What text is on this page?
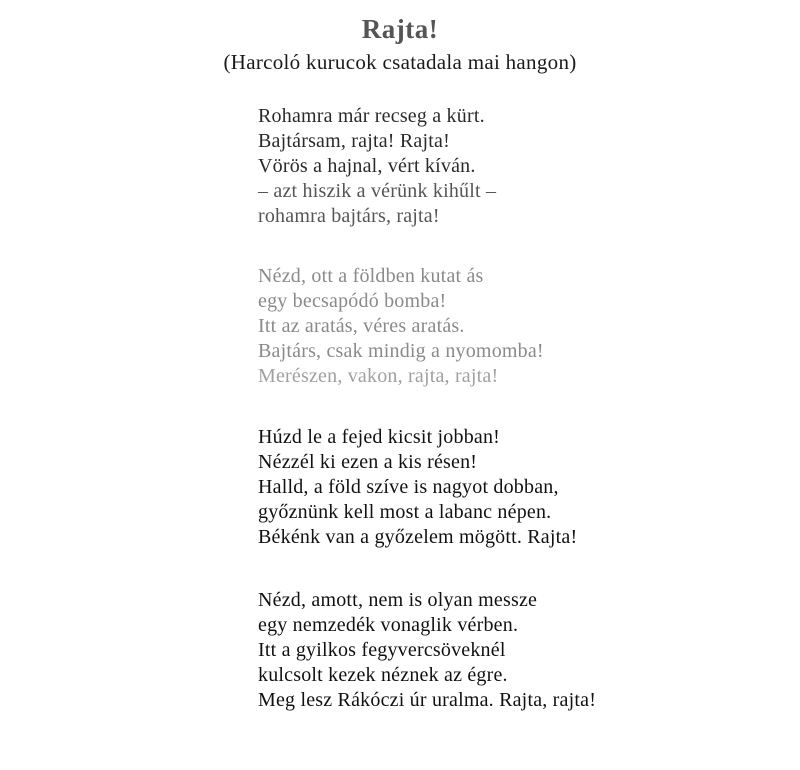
Rajta!
(Harcoló kurucok csatadala mai hangon)
Rohamra már recseg a kürt.
Bajtársam, rajta! Rajta!
Vörös a hajnal, vért kíván.
– azt hiszik a vérünk kihűlt –
rohamra bajtárs, rajta!
Nézd, ott a földben kutat ás
egy becsapódó bomba!
Itt az aratás, véres aratás.
Bajtárs, csak mindig a nyomomba!
Merészen, vakon, rajta, rajta!
Húzd le a fejed kicsit jobban!
Nézzél ki ezen a kis résen!
Halld, a föld szíve is nagyot dobban,
győznünk kell most a labanc népen.
Békénk van a győzelem mögött. Rajta!
Nézd, amott, nem is olyan messze
egy nemzedék vonaglik vérben.
Itt a gyilkos fegyvercsöveknél
kulcsolt kezek néznek az égre.
Meg lesz Rákóczi úr uralma. Rajta, rajta!
